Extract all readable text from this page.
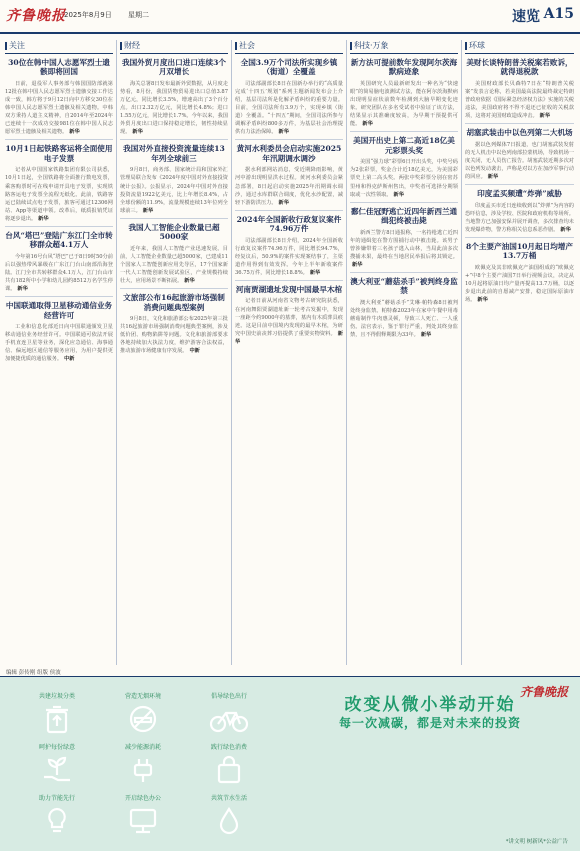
齐鲁晚报
2025年8月9日 星期二	速览 A15
关注
30位在韩中国人志愿军烈士遗骸即将回国
日前，退役军人事务部与韩国国防部就第12批在韩中国人民志愿军烈士遗骸交接工作达成一致，韩方将于9月12日向中方移交30位在韩中国人民志愿军烈士遗骸及相关遗物。中韩双方秉持人道主义精神，自2014年至2024年已连续十一次成功交接981位在韩中国人民志愿军烈士遗骸及相关遗物。 新华
10月1日起铁路客运将全面使用电子发票
记者从中国国家铁路集团有限公司获悉，10月1日起，全国铁路将全面推行数电发票，乘客购票时可在线申请开具电子发票，实现铁路客运电子发票全流程无纸化。此前，铁路客运已陆续试点电子发票，旅客可通过12306网站、App等渠道申领。改革后，纸质报销凭证将逐步退出。 新华
台风“塔巴”登陆广东江门全市转移群众超4.1万人
今年第16号台风“塔巴”已于8日9时50分前后以强热带风暴级在广东江门台山南部沿海登陆。江门全市共转移群众4.1万人，江门台山市共有182所中小学和幼儿园约8512万名学生停课。 新华
中国联通取得卫星移动通信业务经营许可
工业和信息化部近日向中国联通颁发卫星移动通信业务经营许可。中国联通可依法开展手机直连卫星等业务，深化应急通信、海事通信、偏远地区通信等服务应用，为用户提供更加便捷优质的通信服务。 中新
财经
我国外贸月度出口进口连续3个月双增长
海关总署8日发布最新外贸数据，从月度走势看，8月份，我国货物贸易进出口总值3.87万亿元，同比增长3.5%，增速高出了3个百分点。出口2.32万亿元，同比增长4.8%；进口1.55万亿元，同比增长1.7%。今年以来，我国外贸月度出口进口保持稳定增长，韧性持续显现。 新华
我国对外直接投资流量连续13年列全球前三
9月8日，商务部、国家统计局和国家外汇管理局联合发布《2024年度中国对外直接投资统计公报》。公报显示，2024年中国对外直接投资流量1922亿美元，比上年增长8.4%，占全球份额的11.9%，流量规模连续13年位列全球前三。 新华
我国人工智能企业数量已超5000家
近年来，我国人工智能产业迅速发展。目前，人工智能企业数量已超5000家，已建成11个国家人工智能创新应用先导区，17个国家新一代人工智能创新发展试验区，产业规模持续壮大，应用场景不断拓展。 新华
文旅部公布16起旅游市场强制消费问题典型案例
9月8日，文化和旅游部公布2025年第三批共16起旅游市场强制消费问题典型案例，涉及低价团、购物陷阱等问题。文化和旅游部要求各地持续加大执法力度，维护游客合法权益，推动旅游市场健康有序发展。 中新
社会
全国3.9万个司法所实现乡镇（街道）全覆盖
司法部副部长8日在国新办举行的“高质量完成‘十四五’规划”系列主题新闻发布会上介绍，基层司法所是化解矛盾纠纷的重要力量。目前，全国司法所有3.9万个，实现乡镇（街道）全覆盖。“十四五”期间，全国司法所参与调解矛盾纠纷800多万件，为基层社会治理提供有力法治保障。 新华
黄河水利委员会启动实施2025年汛期调水调沙
据水利部网站消息，受近期降雨影响，黄河中游出现明显洪水过程。黄河水利委员会紧急部署，8日起启动实施2025年汛期调水调沙，通过水库群联合调度，优化水沙配置，减轻下游防洪压力。 新华
2024年全国新收行政复议案件74.96万件
司法部副部长8日介绍，2024年全国新收行政复议案件74.96万件，同比增长94.7%，经复议后，50.9%的案件实现案结事了，主渠道作用得到有效发挥。今年上半年新收案件36.75万件，同比增长18.8%。 新华
河南贾湖遗址发现中国最早木棺
记者日前从河南省文物考古研究院获悉，在河南舞阳贾湖遗址新一轮考古发掘中，发现一座距今约9000年的墓葬，墓内有木质葬具痕迹。这是目前中国境内发现的最早木棺，为研究中国史前丧葬习俗提供了重要实物资料。 新华
科技·万象
新方法可提前数年发现阿尔茨海默病迹象
英国研究人员最新研发出一种名为“快速眼”的简易脑电波测试方法，能在阿尔茨海默病出现明显症状前数年检测到大脑早期变化迹象。研究团队在多名受试者中验证了该方法，结果显示其准确度较高，为早期干预提供可能。 新华
美国开出史上第二高近18亿美元彩票头奖
美国“强力球”彩票6日开出头奖，中奖号码为2张彩票，奖金合计近18亿美元，为美国彩票史上第二高头奖。两张中奖彩票分别在密苏里州和得克萨斯州售出，中奖者可选择分期领取或一次性领取。 新华
鄱仁佳冠野逃亡近四年新西兰通缉犯终被击毙
新西兰警方8日通报称，一名持枪逃亡近四年的通缉犯在警方围捕行动中被击毙。该男子曾涉嫌带着三名孩子逃入山林，当局此前多次搜捕未果，最终在当地居民举报后将其锁定。新华
澳大利亚“蘑菇杀手”被判终身监禁
澳大利亚“蘑菇杀手”艾琳·帕特森8日被判处终身监禁。帕特森2023年在家中午餐中用毒蘑菇制作牛肉惠灵顿，导致三人死亡、一人重伤。法官表示，鉴于罪行严重，判处其终身监禁，且不得假释期限为33年。 新华
环球
美财长谈特朗普关税案若败诉，就得退税款
美国财政部长贝森特7日在“特朗普关税案”发表言论称，若美国最高法院最终裁定特朗普政府依据《国际紧急经济权力法》实施的关税违法，美国政府将不得不退还已征收的关税款项，这将对美国财政造成冲击。 新华
胡塞武装击中以色列第二大机场
据以色列媒体7日报道，也门胡塞武装发射的无人机击中以色列南部拉蒙机场，导致机场一度关闭，无人员伤亡报告。胡塞武装近期多次对以色列发动袭击，声称是对以方在加沙军事行动的回应。 新华
印度孟买频遭“炸弹”威胁
印度孟买市近日连续收到以“炸弹”为内容的恐吓信息，涉及学校、医院和政府机构等场所。当地警方已加强安保并展开调查，多次排查均未发现爆炸物，警方称相关信息系恶作剧。 新华
8个主要产油国10月起日均增产13.7万桶
欧佩克及其非欧佩克产油国组成的“欧佩克+”中8个主要产油国7日举行视频会议，决定从10月起将原油日均产量再提高13.7万桶，以逐步退出此前的自愿减产安排，稳定国际原油市场。 新华
编辑 彭传刚 组版 侯波
齐鲁晚报
共建垃圾分类	营造无烟环境	倡导绿色出行
呵护每份绿意	减少能源消耗	践行绿色消费
助力节能先行	开启绿色办公	共筑节水生活
改变从微小举动开始
每一次减碳，都是对未来的投资
*讲文明 树新风*公益广告
